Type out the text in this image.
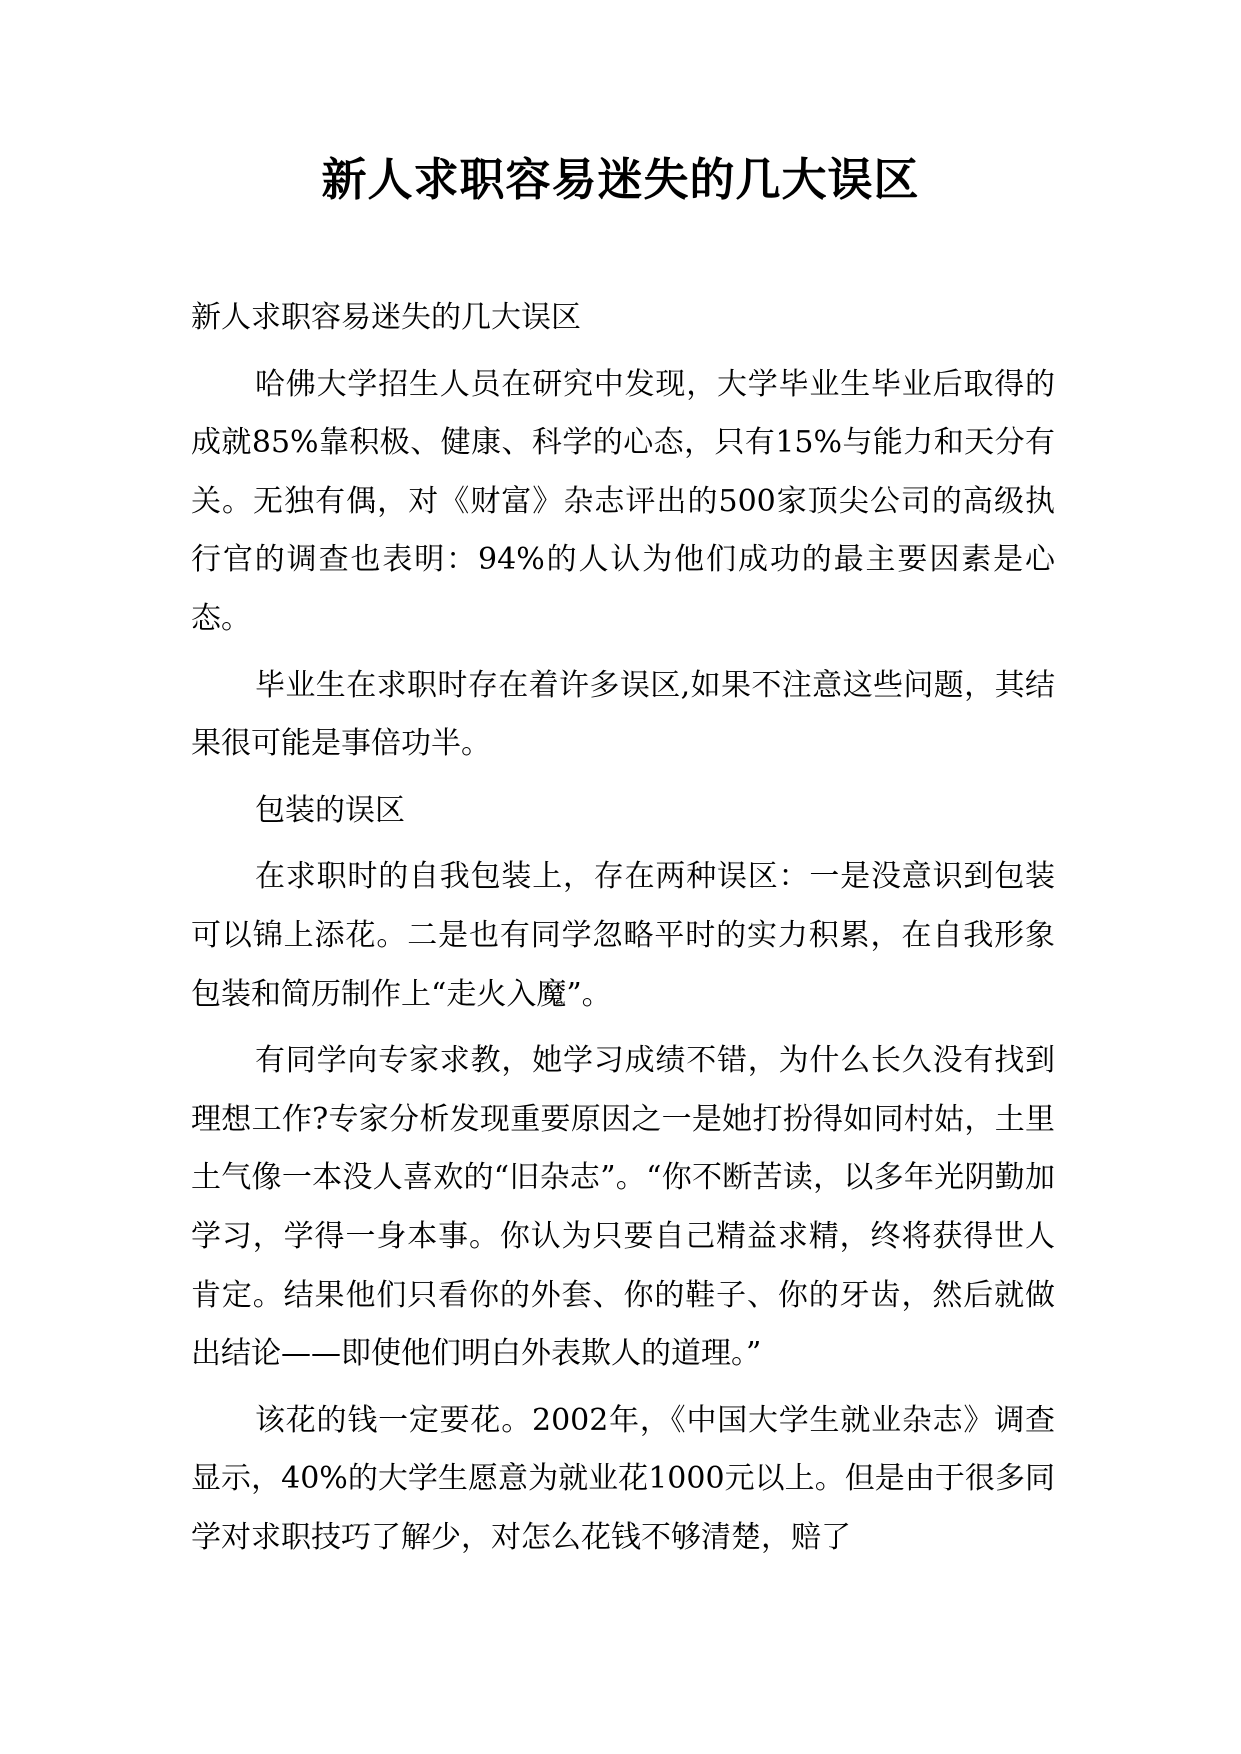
新人求职容易迷失的几大误区

新人求职容易迷失的几大误区

哈佛大学招生人员在研究中发现，大学毕业生毕业后取得的成就85%靠积极、健康、科学的心态，只有15%与能力和天分有关。无独有偶，对《财富》杂志评出的500家顶尖公司的高级执行官的调查也表明：94%的人认为他们成功的最主要因素是心态。

毕业生在求职时存在着许多误区,如果不注意这些问题，其结果很可能是事倍功半。

包装的误区

在求职时的自我包装上，存在两种误区：一是没意识到包装可以锦上添花。二是也有同学忽略平时的实力积累，在自我形象包装和简历制作上“走火入魔”。

有同学向专家求教，她学习成绩不错，为什么长久没有找到理想工作?专家分析发现重要原因之一是她打扮得如同村姑，土里土气像一本没人喜欢的“旧杂志”。“你不断苦读，以多年光阴勤加学习，学得一身本事。你认为只要自己精益求精，终将获得世人肯定。结果他们只看你的外套、你的鞋子、你的牙齿，然后就做出结论——即使他们明白外表欺人的道理。”

该花的钱一定要花。2002年，《中国大学生就业杂志》调查显示，40%的大学生愿意为就业花1000元以上。但是由于很多同学对求职技巧了解少，对怎么花钱不够清楚，赔了
